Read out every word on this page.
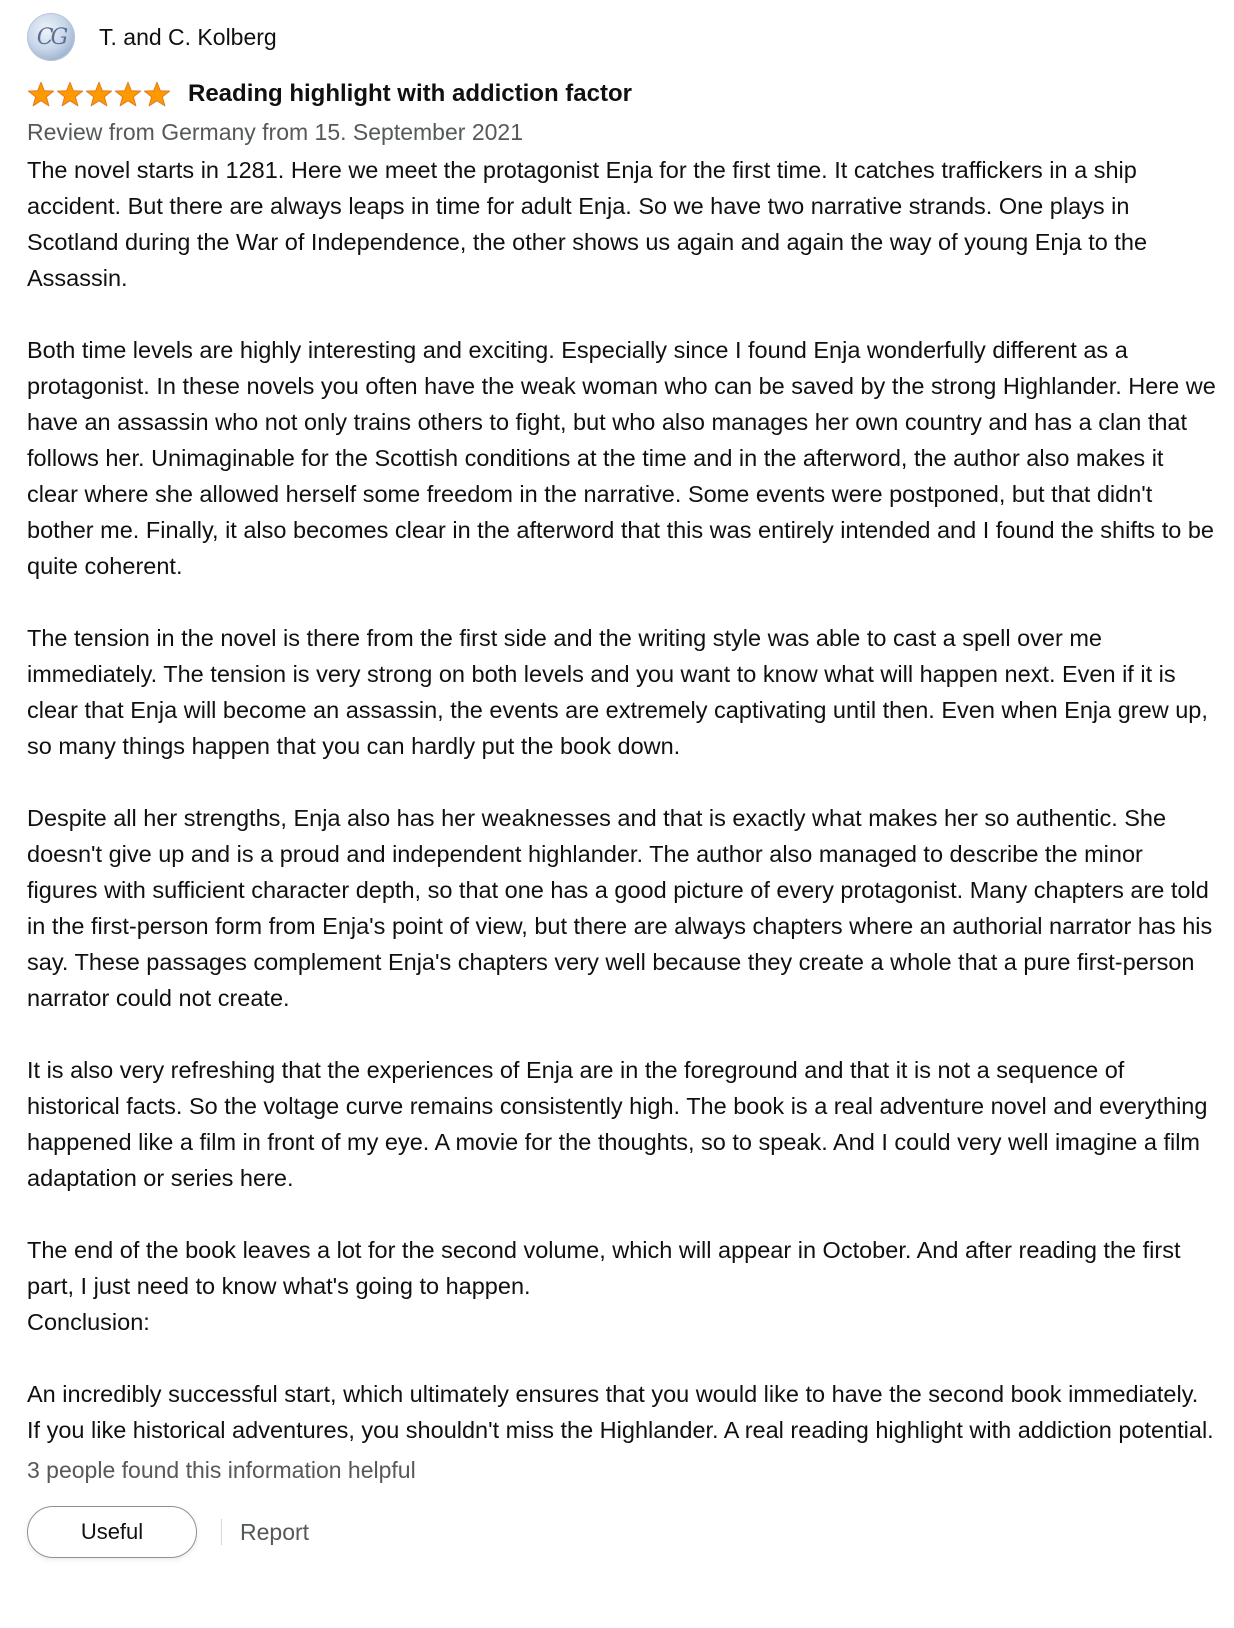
CG T. and C. Kolberg
Reading highlight with addiction factor
Review from Germany from 15. September 2021

The novel starts in 1281. Here we meet the protagonist Enja for the first time. It catches traffickers in a ship accident. But there are always leaps in time for adult Enja. So we have two narrative strands. One plays in Scotland during the War of Independence, the other shows us again and again the way of young Enja to the Assassin.

Both time levels are highly interesting and exciting. Especially since I found Enja wonderfully different as a protagonist. In these novels you often have the weak woman who can be saved by the strong Highlander. Here we have an assassin who not only trains others to fight, but who also manages her own country and has a clan that follows her. Unimaginable for the Scottish conditions at the time and in the afterword, the author also makes it clear where she allowed herself some freedom in the narrative. Some events were postponed, but that didn't bother me. Finally, it also becomes clear in the afterword that this was entirely intended and I found the shifts to be quite coherent.

The tension in the novel is there from the first side and the writing style was able to cast a spell over me immediately. The tension is very strong on both levels and you want to know what will happen next. Even if it is clear that Enja will become an assassin, the events are extremely captivating until then. Even when Enja grew up, so many things happen that you can hardly put the book down.

Despite all her strengths, Enja also has her weaknesses and that is exactly what makes her so authentic. She doesn't give up and is a proud and independent highlander. The author also managed to describe the minor figures with sufficient character depth, so that one has a good picture of every protagonist. Many chapters are told in the first-person form from Enja's point of view, but there are always chapters where an authorial narrator has his say. These passages complement Enja's chapters very well because they create a whole that a pure first-person narrator could not create.

It is also very refreshing that the experiences of Enja are in the foreground and that it is not a sequence of historical facts. So the voltage curve remains consistently high. The book is a real adventure novel and everything happened like a film in front of my eye. A movie for the thoughts, so to speak. And I could very well imagine a film adaptation or series here.

The end of the book leaves a lot for the second volume, which will appear in October. And after reading the first part, I just need to know what's going to happen.

Conclusion:

An incredibly successful start, which ultimately ensures that you would like to have the second book immediately. If you like historical adventures, you shouldn't miss the Highlander. A real reading highlight with addiction potential.

3 people found this information helpful
Useful	Report
